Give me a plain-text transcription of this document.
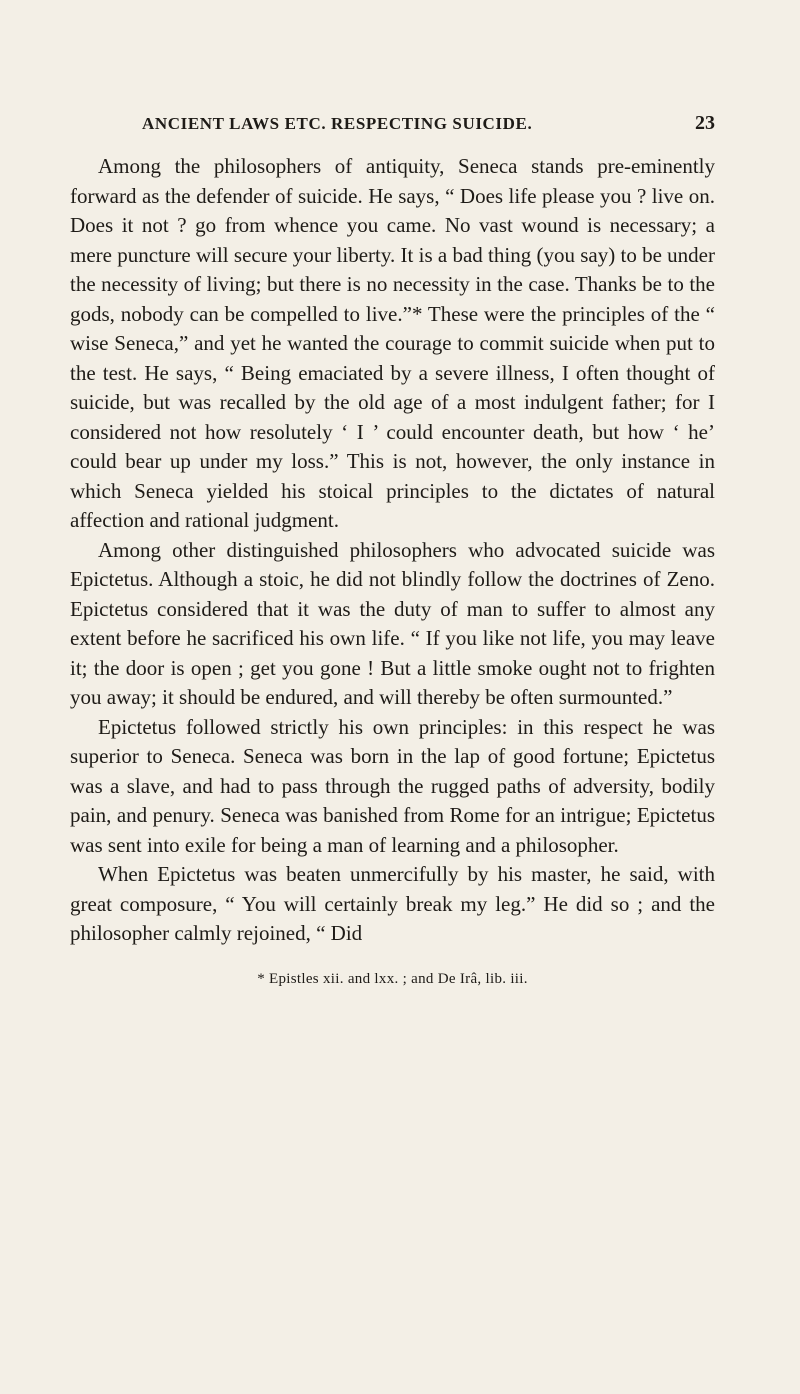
ANCIENT LAWS ETC. RESPECTING SUICIDE.	23

Among the philosophers of antiquity, Seneca stands pre-eminently forward as the defender of suicide. He says, “ Does life please you ? live on. Does it not ? go from whence you came. No vast wound is necessary; a mere puncture will secure your liberty. It is a bad thing (you say) to be under the necessity of living; but there is no necessity in the case. Thanks be to the gods, nobody can be compelled to live.”* These were the principles of the “ wise Seneca,” and yet he wanted the courage to commit suicide when put to the test. He says, “ Being emaciated by a severe illness, I often thought of suicide, but was recalled by the old age of a most indulgent father; for I considered not how resolutely ‘ I ’ could encounter death, but how ‘ he’ could bear up under my loss.” This is not, however, the only instance in which Seneca yielded his stoical principles to the dictates of natural affection and rational judgment.

Among other distinguished philosophers who advocated suicide was Epictetus. Although a stoic, he did not blindly follow the doctrines of Zeno. Epictetus considered that it was the duty of man to suffer to almost any extent before he sacrificed his own life. “ If you like not life, you may leave it; the door is open ; get you gone ! But a little smoke ought not to frighten you away; it should be endured, and will thereby be often surmounted.”

Epictetus followed strictly his own principles: in this respect he was superior to Seneca. Seneca was born in the lap of good fortune; Epictetus was a slave, and had to pass through the rugged paths of adversity, bodily pain, and penury. Seneca was banished from Rome for an intrigue; Epictetus was sent into exile for being a man of learning and a philosopher.

When Epictetus was beaten unmercifully by his master, he said, with great composure, “ You will certainly break my leg.” He did so ; and the philosopher calmly rejoined, “ Did

* Epistles xii. and lxx. ; and De Irâ, lib. iii.
